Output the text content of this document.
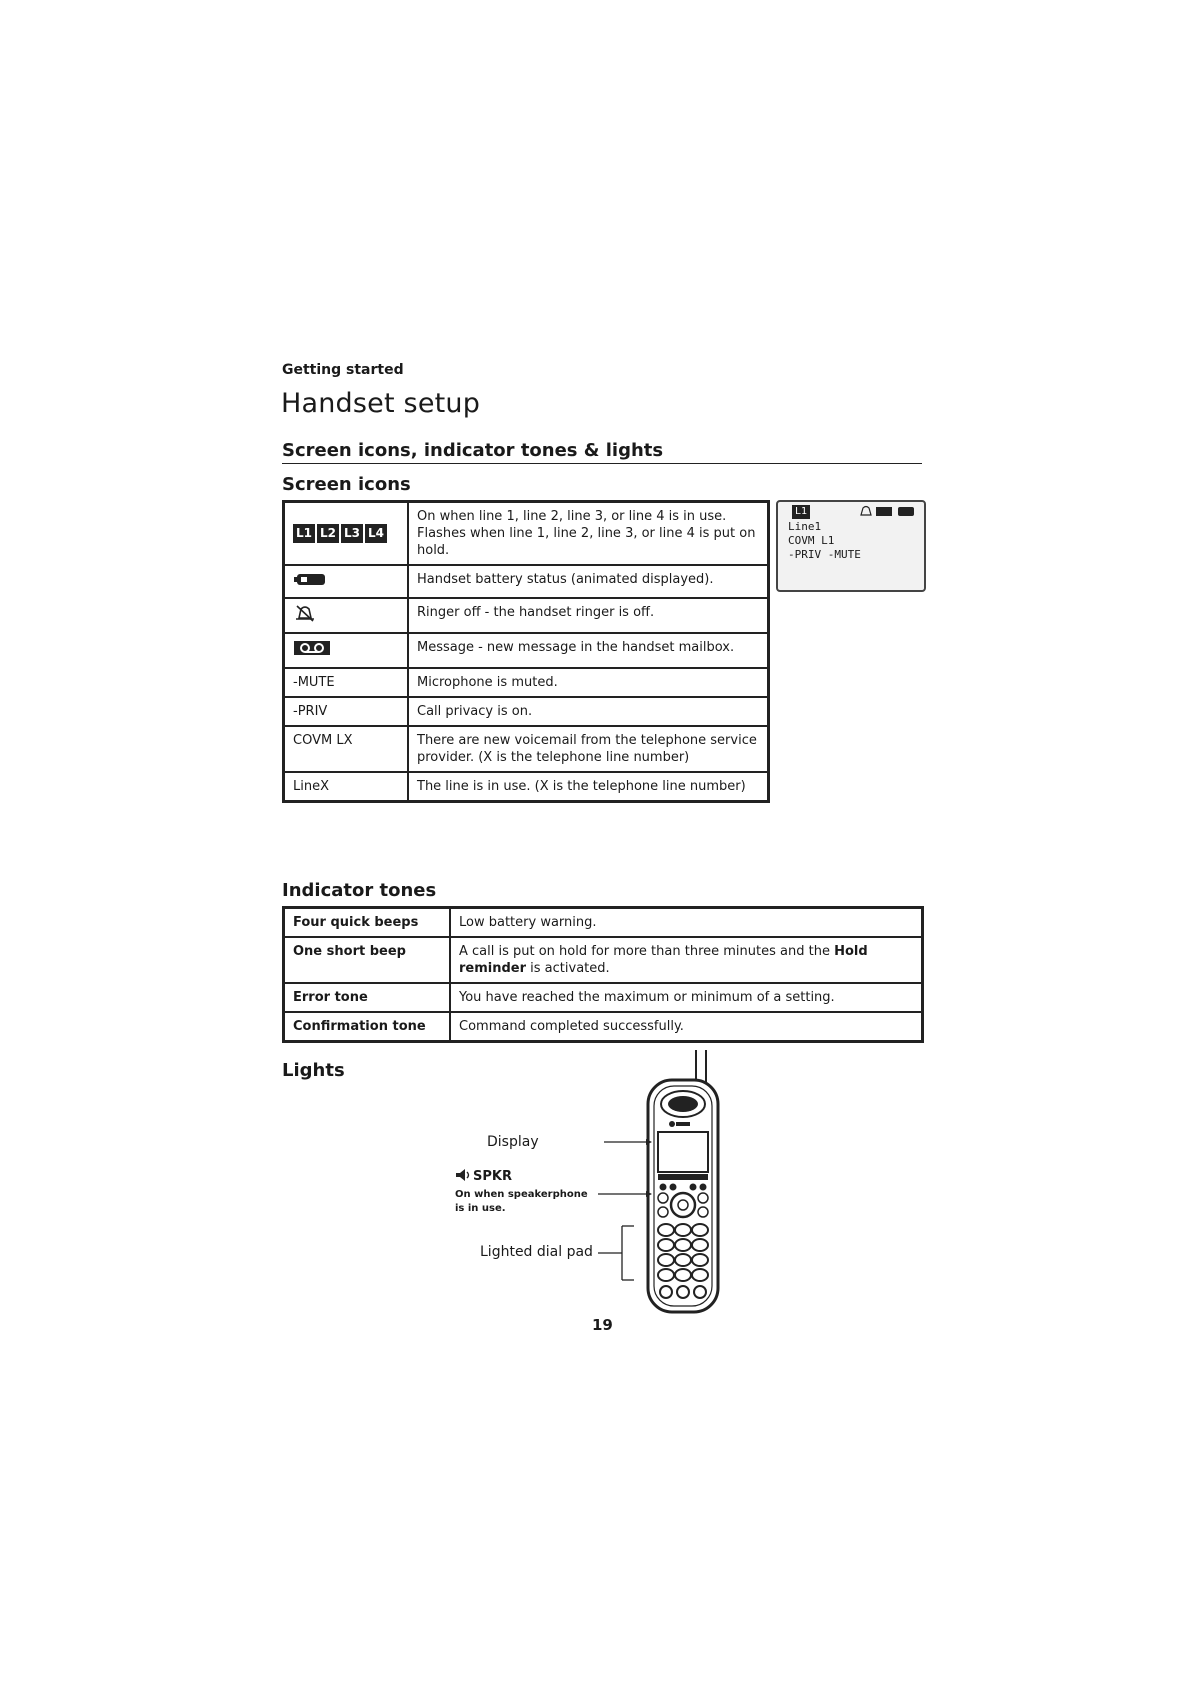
Getting started
Handset setup
Screen icons, indicator tones & lights
Screen icons
L1 L2 L3 L4	On when line 1, line 2, line 3, or line 4 is in use.
Flashes when line 1, line 2, line 3, or line 4 is put on hold.

	Handset battery status (animated displayed).
	Ringer off - the handset ringer is off.
	Message - new message in the handset mailbox.
-MUTE	Microphone is muted.
-PRIV	Call privacy is on.
COVM LX	There are new voicemail from the telephone service provider. (X is the telephone line number)
LineX	The line is in use. (X is the telephone line number)
L1
Line1
COVM L1
-PRIV -MUTE
Indicator tones
Four quick beeps	Low battery warning.
One short beep	A call is put on hold for more than three minutes and the Hold reminder is activated.
Error tone	You have reached the maximum or minimum of a setting.
Confirmation tone	Command completed successfully.
Lights
Display
SPKR
On when speakerphone
is in use.
Lighted dial pad
19
